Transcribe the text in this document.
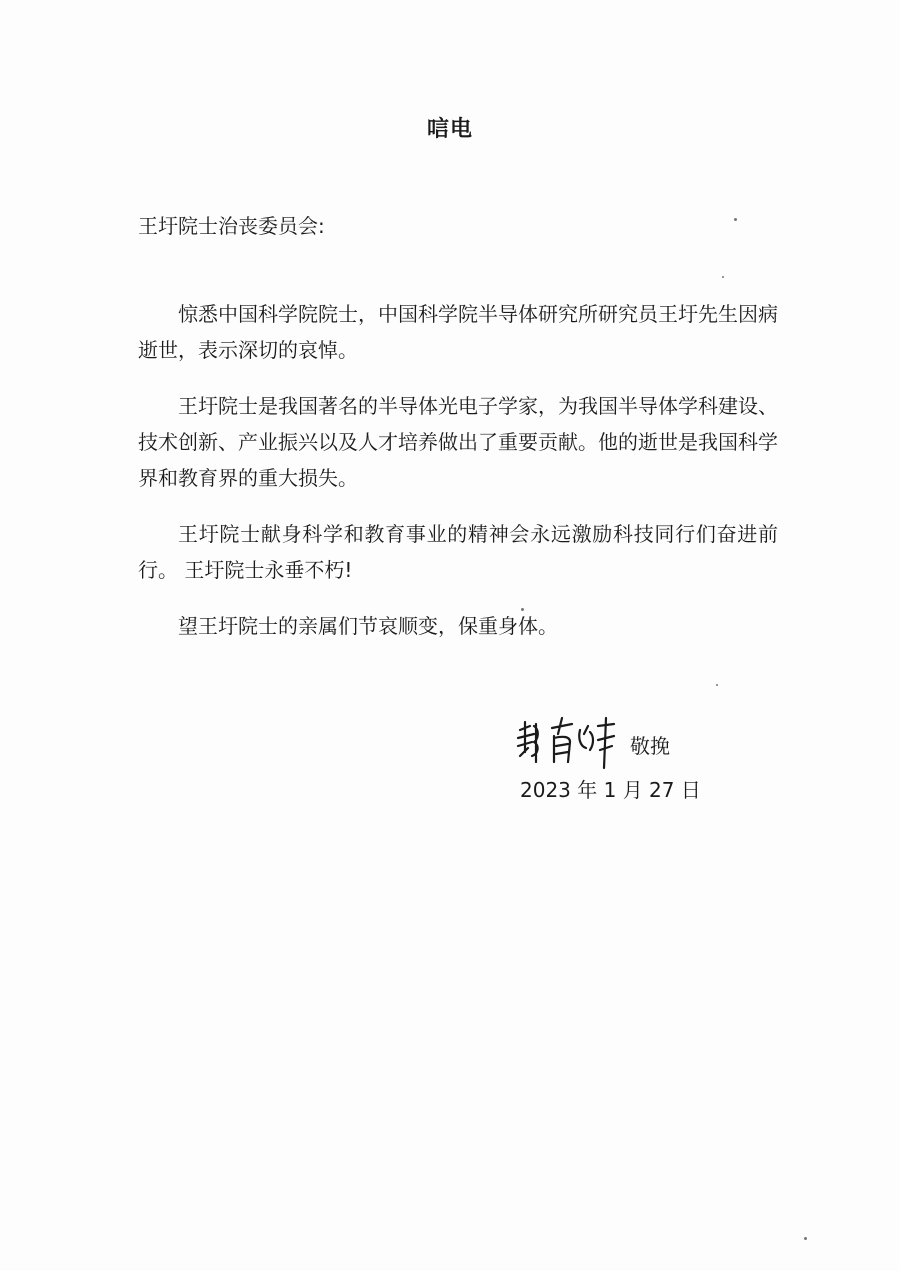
唁电
王圩院士治丧委员会:

惊悉中国科学院院士，中国科学院半导体研究所研究员王圩先生因病逝世，表示深切的哀悼。

王圩院士是我国著名的半导体光电子学家，为我国半导体学科建设、技术创新、产业振兴以及人才培养做出了重要贡献。他的逝世是我国科学界和教育界的重大损失。

王圩院士献身科学和教育事业的精神会永远激励科技同行们奋进前行。 王圩院士永垂不朽!

望王圩院士的亲属们节哀顺变，保重身体。

敬挽
2023 年 1 月 27 日
